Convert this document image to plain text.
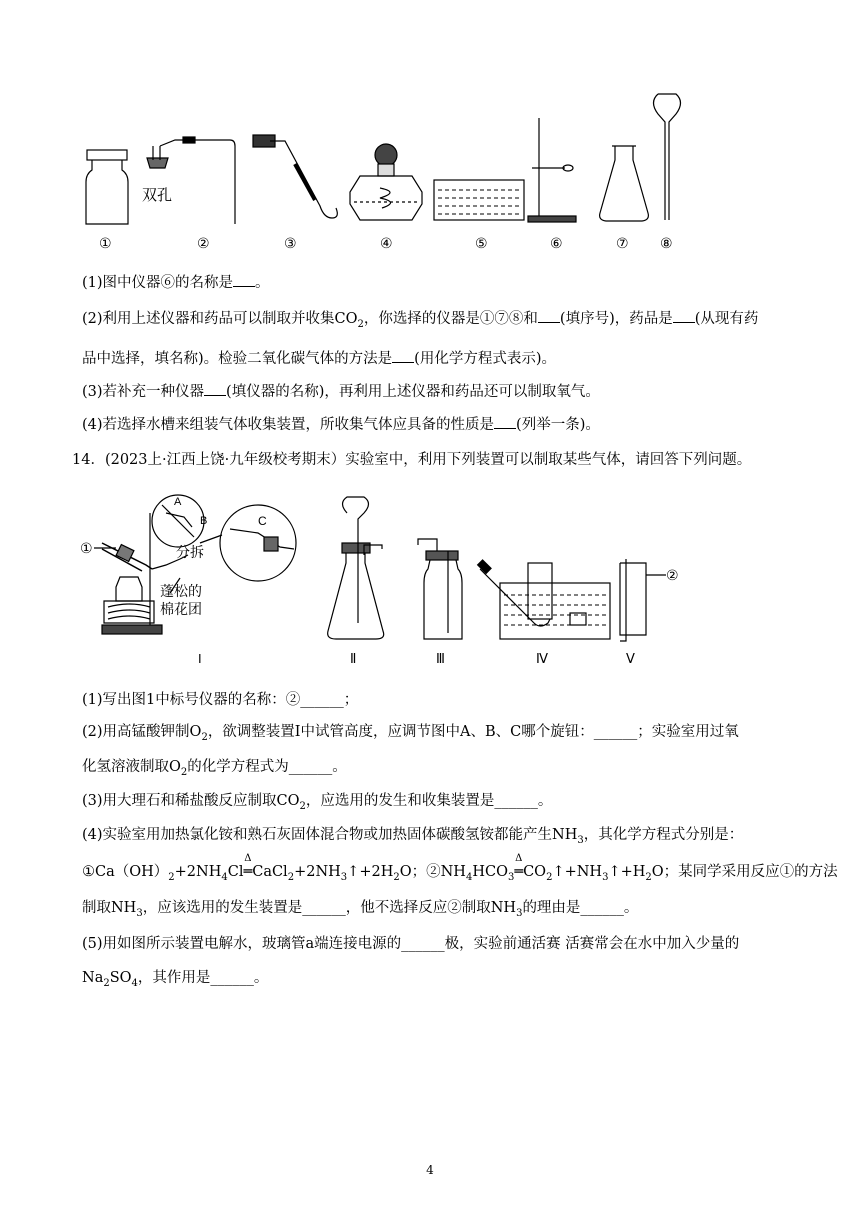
双孔
①	②	③	④	⑤	⑥	⑦ ⑧
(1)图中仪器⑥的名称是 。
(2)利用上述仪器和药品可以制取并收集$CO_2$，你选择的仪器是①⑦⑧和 (填序号)，药品是 (从现有药
品中选择，填名称)。检验二氧化碳气体的方法是 (用化学方程式表示)。
(3)若补充一种仪器 (填仪器的名称)，再利用上述仪器和药品还可以制取氧气。
(4)若选择水槽来组装气体收集装置，所收集气体应具备的性质是 (列举一条)。
14．(2023上·江西上饶·九年级校考期末）实验室中，利用下列装置可以制取某些气体，请回答下列问题。
①
②
A
B	C
分拆
蓬松的
棉花团
I	Ⅱ	Ⅲ	Ⅳ	Ⅴ
(1)写出图1中标号仪器的名称：②______；
(2)用高锰酸钾制$O_2$，欲调整装置I中试管高度，应调节图中A、B、C哪个旋钮：______；实验室用过氧
化氢溶液制取$O_2$的化学方程式为______。
(3)用大理石和稀盐酸反应制取$CO_2$，应选用的发生和收集装置是______。
(4)实验室用加热氯化铵和熟石灰固体混合物或加热固体碳酸氢铵都能产生$NH_3$，其化学方程式分别是：
$①Ca(OH)_2+2NH_4Cl$
Δ
$═CaCl_2+2NH_3↑+2H_2O$；$②NH_4HCO_3$
Δ
$═CO_2↑+NH_3↑+H_2O$；某同学采用反应①的方法
制取$NH_3$，应该选用的发生装置是______，他不选择反应②制取$NH_3$的理由是______。
(5)用如图所示装置电解水，玻璃管a端连接电源的______极，实验前通活赛 活赛常会在水中加入少量的
$Na_2SO_4$，其作用是______。
4
